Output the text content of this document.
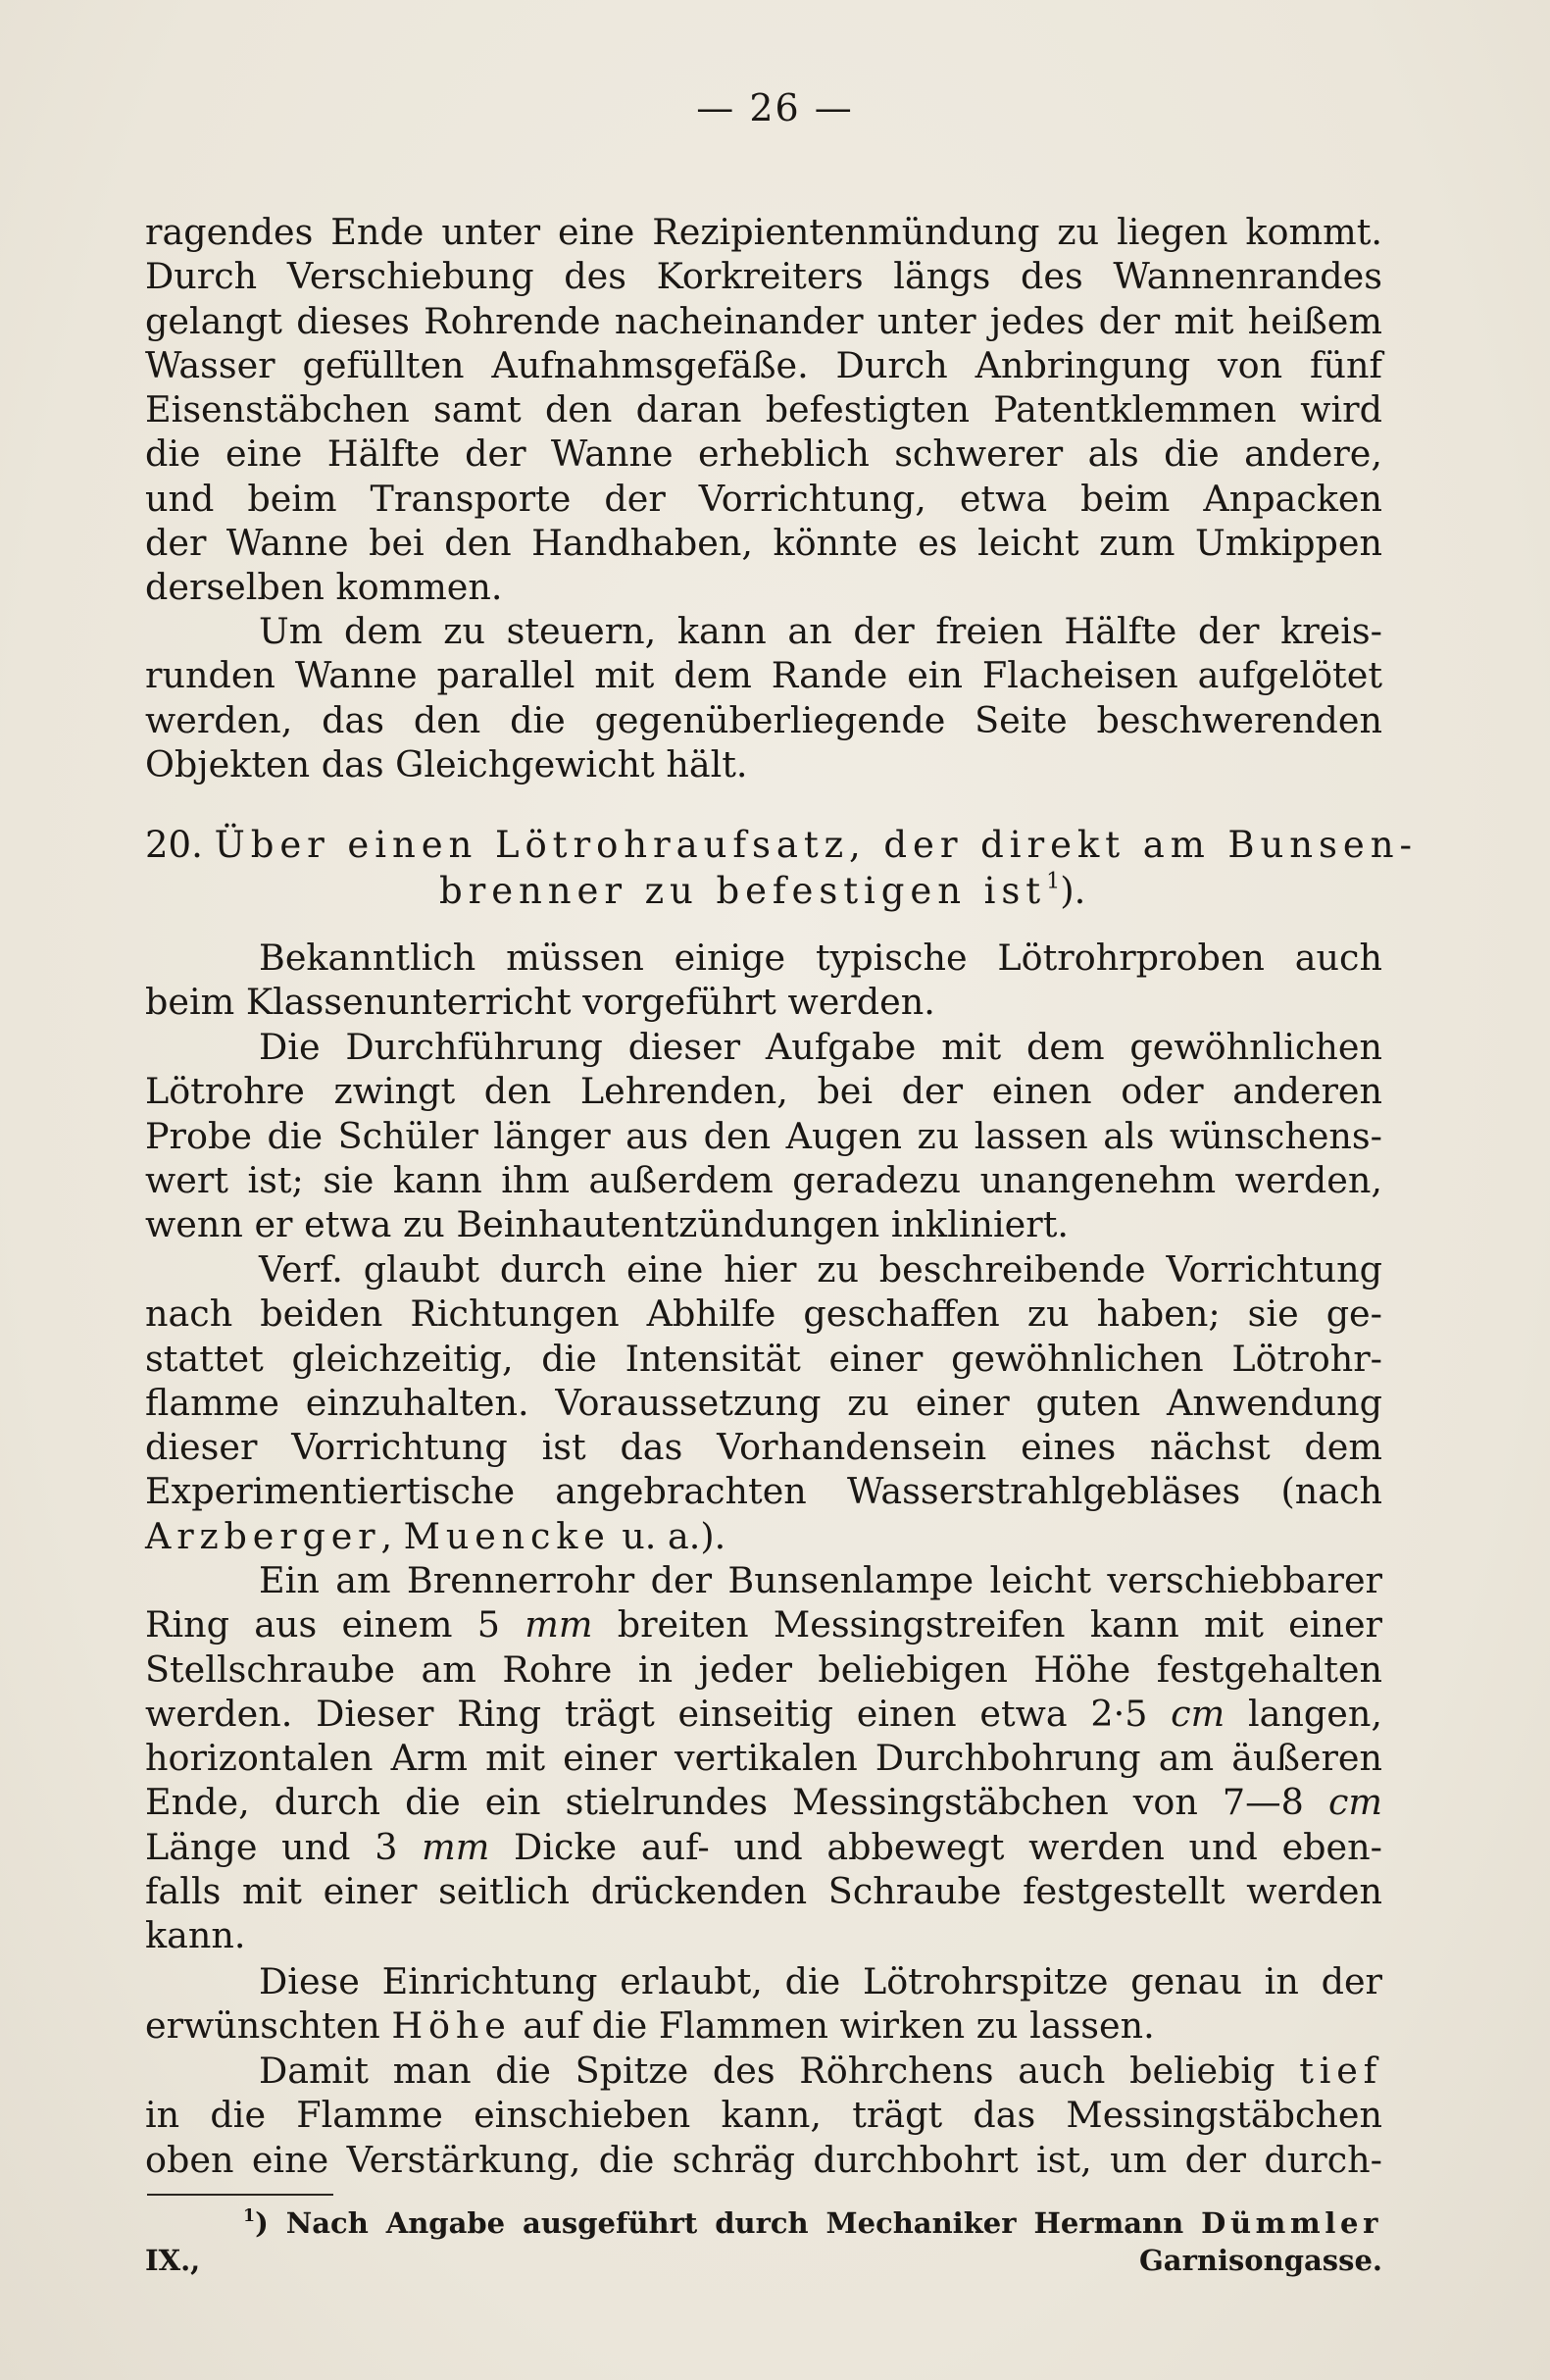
— 26 —
ragendes Ende unter eine Rezipientenmündung zu liegen kommt.
Durch Verschiebung des Korkreiters längs des Wannenrandes
gelangt dieses Rohrende nacheinander unter jedes der mit heißem
Wasser gefüllten Aufnahmsgefäße. Durch Anbringung von fünf
Eisenstäbchen samt den daran befestigten Patentklemmen wird
die eine Hälfte der Wanne erheblich schwerer als die andere,
und beim Transporte der Vorrichtung, etwa beim Anpacken
der Wanne bei den Handhaben, könnte es leicht zum Umkippen
derselben kommen.
Um dem zu steuern, kann an der freien Hälfte der kreis-
runden Wanne parallel mit dem Rande ein Flacheisen aufgelötet
werden, das den die gegenüberliegende Seite beschwerenden
Objekten das Gleichgewicht hält.
20. Über einen Lötrohraufsatz, der direkt am Bunsen-
brenner zu befestigen ist$^1$).
Bekanntlich müssen einige typische Lötrohrproben auch
beim Klassenunterricht vorgeführt werden.
Die Durchführung dieser Aufgabe mit dem gewöhnlichen
Lötrohre zwingt den Lehrenden, bei der einen oder anderen
Probe die Schüler länger aus den Augen zu lassen als wünschens-
wert ist; sie kann ihm außerdem geradezu unangenehm werden,
wenn er etwa zu Beinhautentzündungen inkliniert.
Verf. glaubt durch eine hier zu beschreibende Vorrichtung
nach beiden Richtungen Abhilfe geschaffen zu haben; sie ge-
stattet gleichzeitig, die Intensität einer gewöhnlichen Lötrohr-
flamme einzuhalten. Voraussetzung zu einer guten Anwendung
dieser Vorrichtung ist das Vorhandensein eines nächst dem
Experimentiertische angebrachten Wasserstrahlgebläses (nach
Arzberger, Muencke u. a.).
Ein am Brennerrohr der Bunsenlampe leicht verschiebbarer
Ring aus einem 5 mm breiten Messingstreifen kann mit einer
Stellschraube am Rohre in jeder beliebigen Höhe festgehalten
werden. Dieser Ring trägt einseitig einen etwa 2·5 cm langen,
horizontalen Arm mit einer vertikalen Durchbohrung am äußeren
Ende, durch die ein stielrundes Messingstäbchen von 7—8 cm
Länge und 3 mm Dicke auf- und abbewegt werden und eben-
falls mit einer seitlich drückenden Schraube festgestellt werden
kann.
Diese Einrichtung erlaubt, die Lötrohrspitze genau in der
erwünschten Höhe auf die Flammen wirken zu lassen.
Damit man die Spitze des Röhrchens auch beliebig tief
in die Flamme einschieben kann, trägt das Messingstäbchen
oben eine Verstärkung, die schräg durchbohrt ist, um der durch-
$^1$) Nach Angabe ausgeführt durch Mechaniker Hermann Dümmler
IX., Garnisongasse.
